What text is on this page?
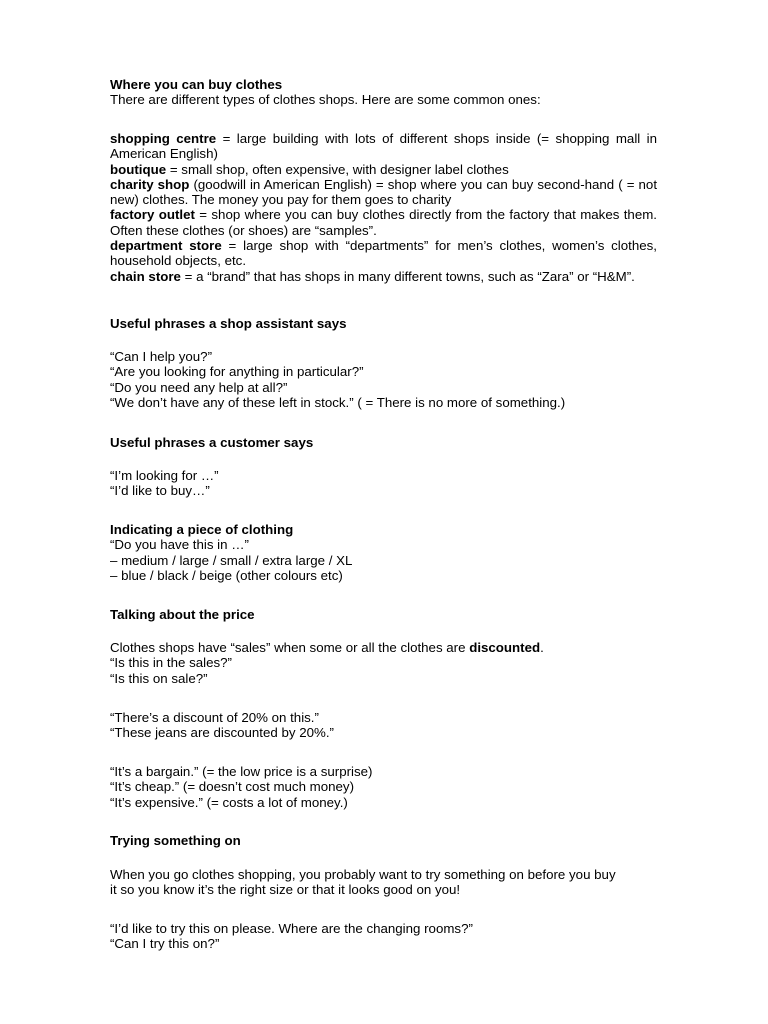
Where you can buy clothes
There are different types of clothes shops. Here are some common ones:
shopping centre = large building with lots of different shops inside (= shopping mall in American English)
boutique = small shop, often expensive, with designer label clothes
charity shop (goodwill in American English) = shop where you can buy second-hand ( = not new) clothes. The money you pay for them goes to charity
factory outlet = shop where you can buy clothes directly from the factory that makes them. Often these clothes (or shoes) are “samples”.
department store = large shop with “departments” for men’s clothes, women’s clothes, household objects, etc.
chain store = a “brand” that has shops in many different towns, such as “Zara” or “H&M”.
Useful phrases a shop assistant says
“Can I help you?”
“Are you looking for anything in particular?”
“Do you need any help at all?”
“We don’t have any of these left in stock.” ( = There is no more of something.)
Useful phrases a customer says
“I’m looking for …”
“I’d like to buy…”
Indicating a piece of clothing
“Do you have this in …”
– medium / large / small / extra large / XL
– blue / black / beige (other colours etc)
Talking about the price
Clothes shops have “sales” when some or all the clothes are discounted.
“Is this in the sales?”
“Is this on sale?”
“There’s a discount of 20% on this.”
“These jeans are discounted by 20%.”
“It’s a bargain.” (= the low price is a surprise)
“It’s cheap.” (= doesn’t cost much money)
“It’s expensive.” (= costs a lot of money.)
Trying something on
When you go clothes shopping, you probably want to try something on before you buy
it so you know it’s the right size or that it looks good on you!
“I’d like to try this on please. Where are the changing rooms?”
“Can I try this on?”
